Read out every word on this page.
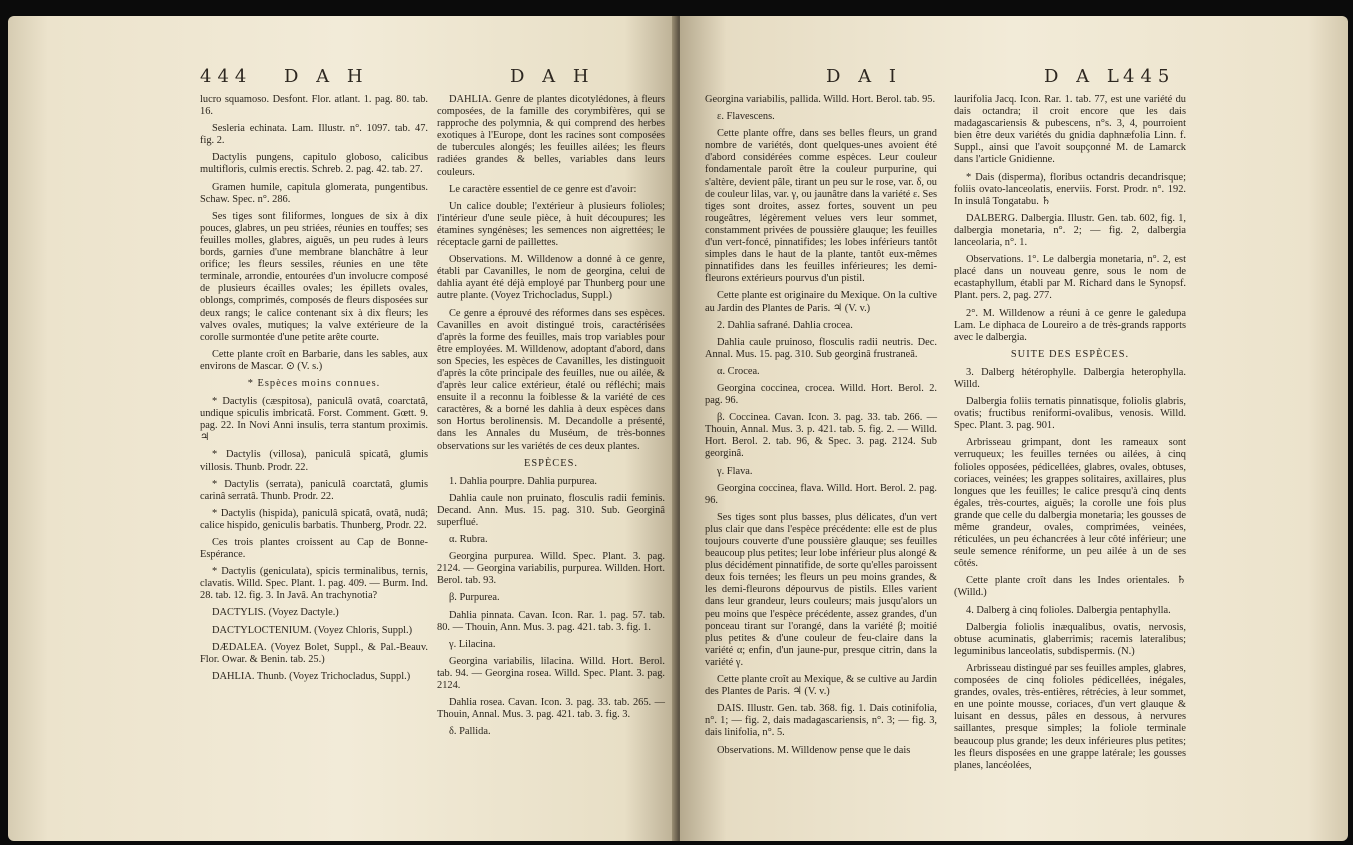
444 D A H	D A H

lucro squamoso. Desfont. Flor. atlant. 1. pag. 80. tab. 16.

Sesleria echinata. Lam. Illustr. n°. 1097. tab. 47. fig. 2.

Dactylis pungens, capitulo globoso, calicibus multifloris, culmis erectis. Schreb. 2. pag. 42. tab. 27.

Gramen humile, capitula glomerata, pungentibus. Schaw. Spec. n°. 286.

Ses tiges sont filiformes, longues de six à dix pouces, glabres, un peu striées, réunies en touffes; ses feuilles molles, glabres, aiguës, un peu rudes à leurs bords, garnies d'une membrane blanchâtre à leur orifice; les fleurs sessiles, réunies en une tête terminale, arrondie, entourées d'un involucre composé de plusieurs écailles ovales; les épillets ovales, oblongs, comprimés, composés de fleurs disposées sur deux rangs; le calice contenant six à dix fleurs; les valves ovales, mutiques; la valve extérieure de la corolle surmontée d'une petite arête courte.

Cette plante croît en Barbarie, dans les sables, aux environs de Mascar. ⊙ (V. s.)

* Espèces moins connues.

* Dactylis (cæspitosa), paniculâ ovatâ, coarctatâ, undique spiculis imbricatâ. Forst. Comment. Gœtt. 9. pag. 22. In Novi Anni insulis, terra stantum proximis. ♃

* Dactylis (villosa), paniculâ spicatâ, glumis villosis. Thunb. Prodr. 22.

* Dactylis (serrata), paniculâ coarctatâ, glumis carinâ serratâ. Thunb. Prodr. 22.

* Dactylis (hispida), paniculâ spicatâ, ovatâ, nudâ; calice hispido, geniculis barbatis. Thunberg, Prodr. 22.

Ces trois plantes croissent au Cap de Bonne-Espérance.

* Dactylis (geniculata), spicis terminalibus, ternis, clavatis. Willd. Spec. Plant. 1. pag. 409. — Burm. Ind. 28. tab. 12. fig. 3. In Javâ. An trachynotia?

DACTYLIS. (Voyez Dactyle.)

DACTYLOCTENIUM. (Voyez Chloris, Suppl.)

DÆDALEA. (Voyez Bolet, Suppl., & Pal.-Beauv. Flor. Owar. & Benin. tab. 25.)

DAHLIA. Thunb. (Voyez Trichocladus, Suppl.)

DAHLIA. Genre de plantes dicotylédones, à fleurs composées, de la famille des corymbifères, qui se rapproche des polymnia, & qui comprend des herbes exotiques à l'Europe, dont les racines sont composées de tubercules alongés; les feuilles ailées; les fleurs radiées grandes & belles, variables dans leurs couleurs.

Le caractère essentiel de ce genre est d'avoir:

Un calice double; l'extérieur à plusieurs folioles; l'intérieur d'une seule pièce, à huit découpures; les étamines syngénèses; les semences non aigrettées; le réceptacle garni de paillettes.

Observations. M. Willdenow a donné à ce genre, établi par Cavanilles, le nom de georgina, celui de dahlia ayant été déjà employé par Thunberg pour une autre plante. (Voyez Trichocladus, Suppl.)

Ce genre a éprouvé des réformes dans ses espèces. Cavanilles en avoit distingué trois, caractérisées d'après la forme des feuilles, mais trop variables pour être employées. M. Willdenow, adoptant d'abord, dans son Species, les espèces de Cavanilles, les distinguoit d'après la côte principale des feuilles, nue ou ailée, & d'après leur calice extérieur, étalé ou réfléchi; mais ensuite il a reconnu la foiblesse & la variété de ces caractères, & a borné les dahlia à deux espèces dans son Hortus berolinensis. M. Decandolle a présenté, dans les Annales du Muséum, de très-bonnes observations sur les variétés de ces deux plantes.

ESPÈCES.

1. Dahlia pourpre. Dahlia purpurea.

Dahlia caule non pruinato, flosculis radii feminis. Decand. Ann. Mus. 15. pag. 310. Sub. Georginâ superflué.

α. Rubra.

Georgina purpurea. Willd. Spec. Plant. 3. pag. 2124. — Georgina variabilis, purpurea. Willden. Hort. Berol. tab. 93.

β. Purpurea.

Dahlia pinnata. Cavan. Icon. Rar. 1. pag. 57. tab. 80. — Thouin, Ann. Mus. 3. pag. 421. tab. 3. fig. 1.

γ. Lilacina.

Georgina variabilis, lilacina. Willd. Hort. Berol. tab. 94. — Georgina rosea. Willd. Spec. Plant. 3. pag. 2124.

Dahlia rosea. Cavan. Icon. 3. pag. 33. tab. 265. — Thouin, Annal. Mus. 3. pag. 421. tab. 3. fig. 3.

δ. Pallida.

D A I	D A L
445

Georgina variabilis, pallida. Willd. Hort. Berol. tab. 95.

ε. Flavescens.

Cette plante offre, dans ses belles fleurs, un grand nombre de variétés, dont quelques-unes avoient été d'abord considérées comme espèces. Leur couleur fondamentale paroît être la couleur purpurine, qui s'altère, devient pâle, tirant un peu sur le rose, var. δ, ou de couleur lilas, var. γ, ou jaunâtre dans la variété ε. Ses tiges sont droites, assez fortes, souvent un peu rougeâtres, légèrement velues vers leur sommet, constamment privées de poussière glauque; les feuilles d'un vert-foncé, pinnatifides; les lobes inférieurs tantôt simples dans le haut de la plante, tantôt eux-mêmes pinnatifides dans les feuilles inférieures; les demi-fleurons extérieurs pourvus d'un pistil.

Cette plante est originaire du Mexique. On la cultive au Jardin des Plantes de Paris. ♃ (V. v.)

2. Dahlia safrané. Dahlia crocea.

Dahlia caule pruinoso, flosculis radii neutris. Dec. Annal. Mus. 15. pag. 310. Sub georginâ frustraneâ.

α. Crocea.

Georgina coccinea, crocea. Willd. Hort. Berol. 2. pag. 96.

β. Coccinea. Cavan. Icon. 3. pag. 33. tab. 266. — Thouin, Annal. Mus. 3. p. 421. tab. 5. fig. 2. — Willd. Hort. Berol. 2. tab. 96, & Spec. 3. pag. 2124. Sub georginâ.

γ. Flava.

Georgina coccinea, flava. Willd. Hort. Berol. 2. pag. 96.

Ses tiges sont plus basses, plus délicates, d'un vert plus clair que dans l'espèce précédente: elle est de plus toujours couverte d'une poussière glauque; ses feuilles beaucoup plus petites; leur lobe inférieur plus alongé & plus décidément pinnatifide, de sorte qu'elles paroissent deux fois ternées; les fleurs un peu moins grandes, & les demi-fleurons dépourvus de pistils. Elles varient dans leur grandeur, leurs couleurs; mais jusqu'alors un peu moins que l'espèce précédente, assez grandes, d'un ponceau tirant sur l'orangé, dans la variété β; moitié plus petites & d'une couleur de feu-claire dans la variété α; enfin, d'un jaune-pur, presque citrin, dans la variété γ.

Cette plante croît au Mexique, & se cultive au Jardin des Plantes de Paris. ♃ (V. v.)

DAIS. Illustr. Gen. tab. 368. fig. 1. Dais cotinifolia, n°. 1; — fig. 2, dais madagascariensis, n°. 3; — fig. 3, dais linifolia, n°. 5.

Observations. M. Willdenow pense que le dais

laurifolia Jacq. Icon. Rar. 1. tab. 77, est une variété du dais octandra; il croit encore que les dais madagascariensis & pubescens, n°s. 3, 4, pourroient bien être deux variétés du gnidia daphnæfolia Linn. f. Suppl., ainsi que l'avoit soupçonné M. de Lamarck dans l'article Gnidienne.

* Dais (disperma), floribus octandris decandrisque; foliis ovato-lanceolatis, enerviis. Forst. Prodr. n°. 192. In insulâ Tongatabu. ♄

DALBERG. Dalbergia. Illustr. Gen. tab. 602, fig. 1, dalbergia monetaria, n°. 2; — fig. 2, dalbergia lanceolaria, n°. 1.

Observations. 1°. Le dalbergia monetaria, n°. 2, est placé dans un nouveau genre, sous le nom de ecastaphyllum, établi par M. Richard dans le Synopsf. Plant. pers. 2, pag. 277.

2°. M. Willdenow a réuni à ce genre le galedupa Lam. Le diphaca de Loureiro a de très-grands rapports avec le dalbergia.

SUITE DES ESPÈCES.

3. Dalberg hétérophylle. Dalbergia heterophylla. Willd.

Dalbergia foliis ternatis pinnatisque, foliolis glabris, ovatis; fructibus reniformi-ovalibus, venosis. Willd. Spec. Plant. 3. pag. 901.

Arbrisseau grimpant, dont les rameaux sont verruqueux; les feuilles ternées ou ailées, à cinq folioles opposées, pédicellées, glabres, ovales, obtuses, coriaces, veinées; les grappes solitaires, axillaires, plus longues que les feuilles; le calice presqu'à cinq dents égales, très-courtes, aiguës; la corolle une fois plus grande que celle du dalbergia monetaria; les gousses de même grandeur, ovales, comprimées, veinées, réticulées, un peu échancrées à leur côté inférieur; une seule semence réniforme, un peu ailée à un de ses côtés.

Cette plante croît dans les Indes orientales. ♄ (Willd.)

4. Dalberg à cinq folioles. Dalbergia pentaphylla.

Dalbergia foliolis inæqualibus, ovatis, nervosis, obtuse acuminatis, glaberrimis; racemis lateralibus; leguminibus lanceolatis, subdispermis. (N.)

Arbrisseau distingué par ses feuilles amples, glabres, composées de cinq folioles pédicellées, inégales, grandes, ovales, très-entières, rétrécies, à leur sommet, en une pointe mousse, coriaces, d'un vert glauque & luisant en dessus, pâles en dessous, à nervures saillantes, presque simples; la foliole terminale beaucoup plus grande; les deux inférieures plus petites; les fleurs disposées en une grappe latérale; les gousses planes, lancéolées,
